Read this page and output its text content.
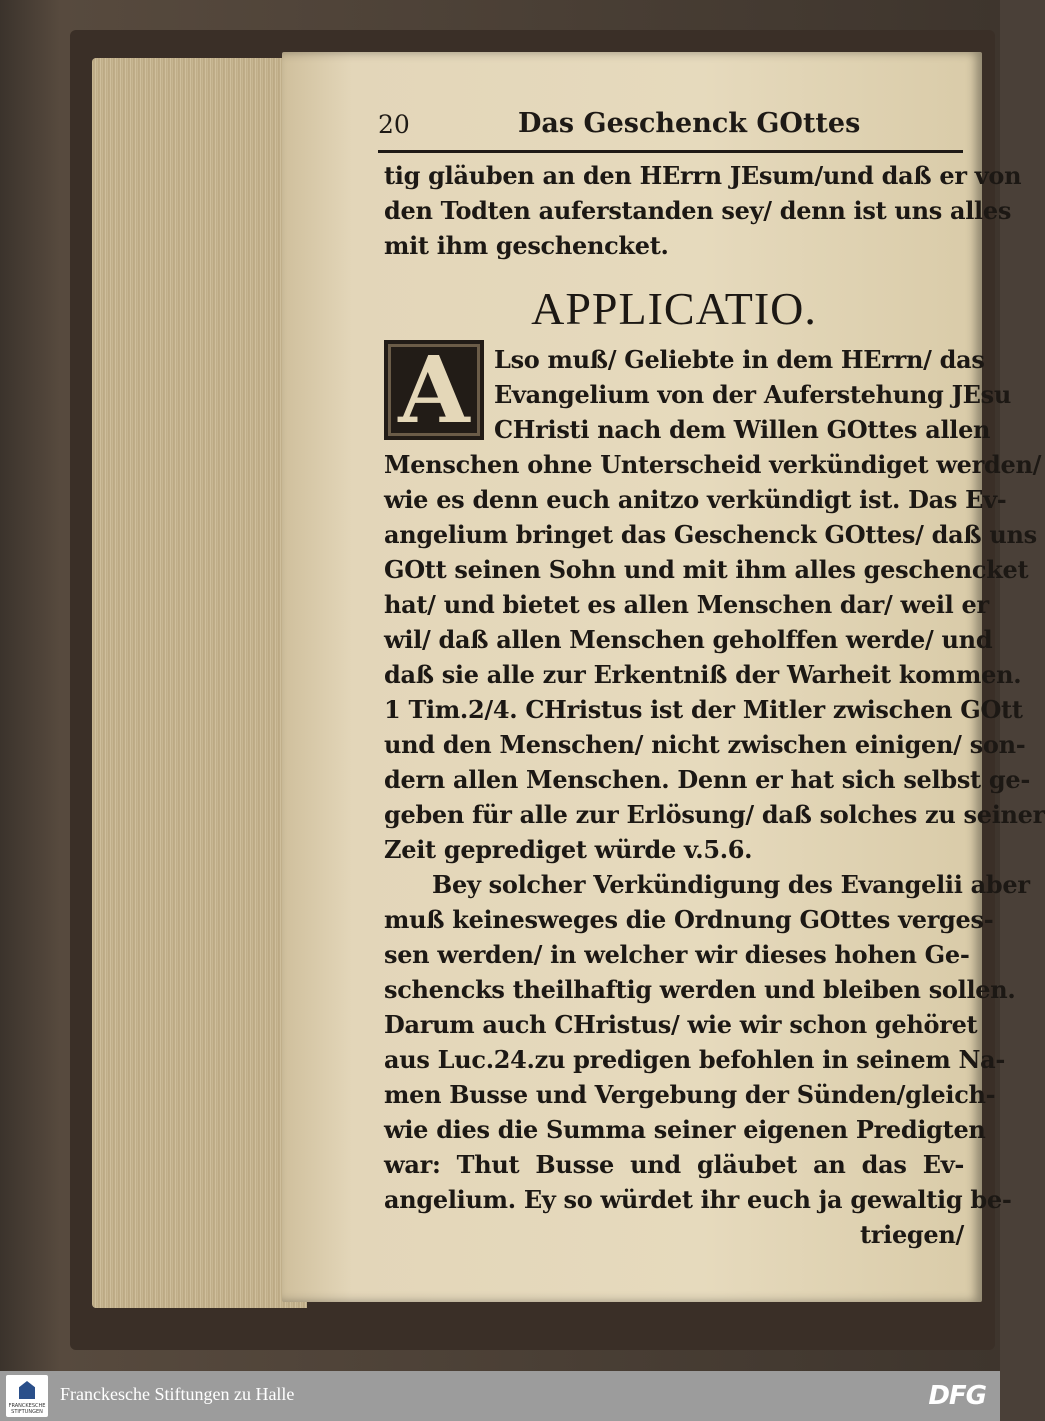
20	Das Geschenck GOttes
tig gläuben an den HErrn JEsum/und daß er von
den Todten auferstanden sey/ denn ist uns alles
mit ihm geschencket.
APPLICATIO.
A	Lso muß/ Geliebte in dem HErrn/ das
Evangelium von der Auferstehung JEsu
CHristi nach dem Willen GOttes allen
Menschen ohne Unterscheid verkündiget werden/
wie es denn euch anitzo verkündigt ist. Das Ev-
angelium bringet das Geschenck GOttes/ daß uns
GOtt seinen Sohn und mit ihm alles geschencket
hat/ und bietet es allen Menschen dar/ weil er
wil/ daß allen Menschen geholffen werde/ und
daß sie alle zur Erkentniß der Warheit kommen.
1 Tim.2/4. CHristus ist der Mitler zwischen GOtt
und den Menschen/ nicht zwischen einigen/ son-
dern allen Menschen. Denn er hat sich selbst ge-
geben für alle zur Erlösung/ daß solches zu seiner
Zeit geprediget würde v.5.6.
Bey solcher Verkündigung des Evangelii aber
muß keinesweges die Ordnung GOttes verges-
sen werden/ in welcher wir dieses hohen Ge-
schencks theilhaftig werden und bleiben sollen.
Darum auch CHristus/ wie wir schon gehöret
aus Luc.24.zu predigen befohlen in seinem Na-
men Busse und Vergebung der Sünden/gleich-
wie dies die Summa seiner eigenen Predigten
war: Thut Busse und gläubet an das Ev-
angelium. Ey so würdet ihr euch ja gewaltig be-
triegen/
FRANCKESCHE STIFTUNGEN
Franckesche Stiftungen zu Halle	DFG
